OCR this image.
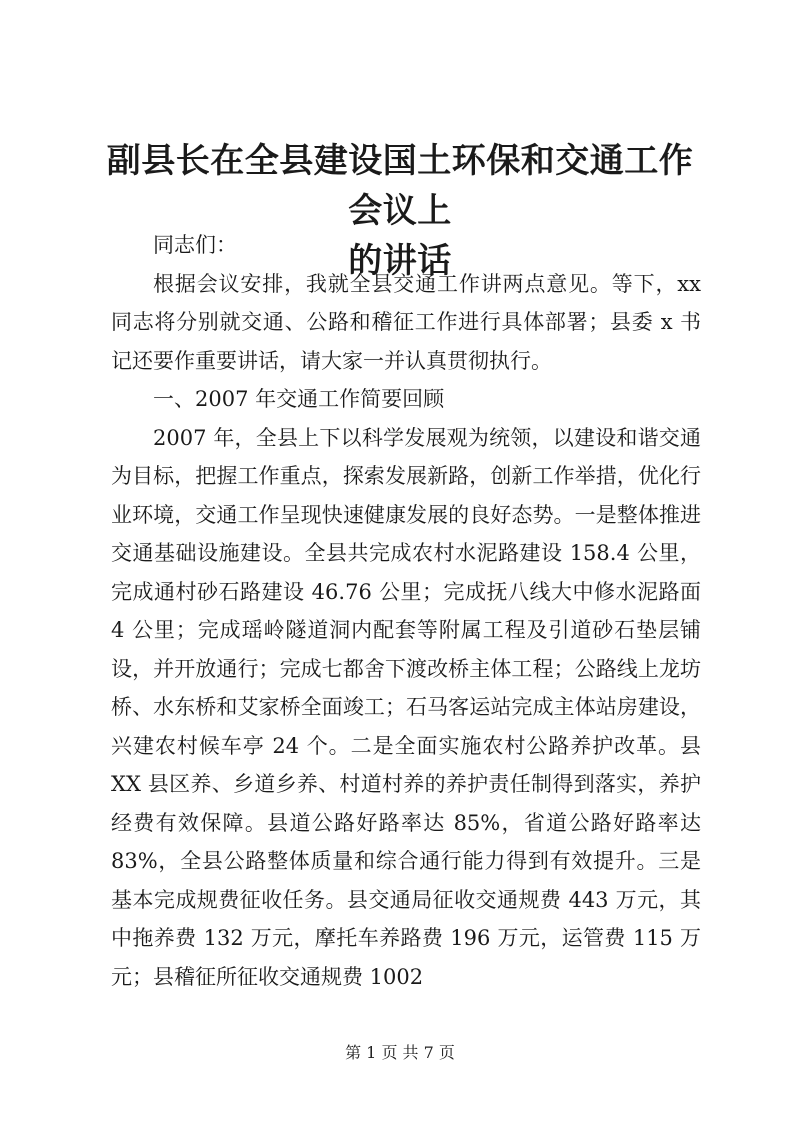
副县长在全县建设国土环保和交通工作会议上
的讲话

同志们：

根据会议安排，我就全县交通工作讲两点意见。等下，xx同志将分别就交通、公路和稽征工作进行具体部署；县委 x 书记还要作重要讲话，请大家一并认真贯彻执行。

一、2007 年交通工作简要回顾

2007 年，全县上下以科学发展观为统领，以建设和谐交通为目标，把握工作重点，探索发展新路，创新工作举措，优化行业环境，交通工作呈现快速健康发展的良好态势。一是整体推进交通基础设施建设。全县共完成农村水泥路建设 158.4 公里，完成通村砂石路建设 46.76 公里；完成抚八线大中修水泥路面 4 公里；完成瑶岭隧道洞内配套等附属工程及引道砂石垫层铺设，并开放通行；完成七都舍下渡改桥主体工程；公路线上龙坊桥、水东桥和艾家桥全面竣工；石马客运站完成主体站房建设，兴建农村候车亭 24 个。二是全面实施农村公路养护改革。县 XX 县区养、乡道乡养、村道村养的养护责任制得到落实，养护经费有效保障。县道公路好路率达 85%，省道公路好路率达 83%，全县公路整体质量和综合通行能力得到有效提升。三是基本完成规费征收任务。县交通局征收交通规费 443 万元，其中拖养费 132 万元，摩托车养路费 196 万元，运管费 115 万元；县稽征所征收交通规费 1002

第 1 页 共 7 页
